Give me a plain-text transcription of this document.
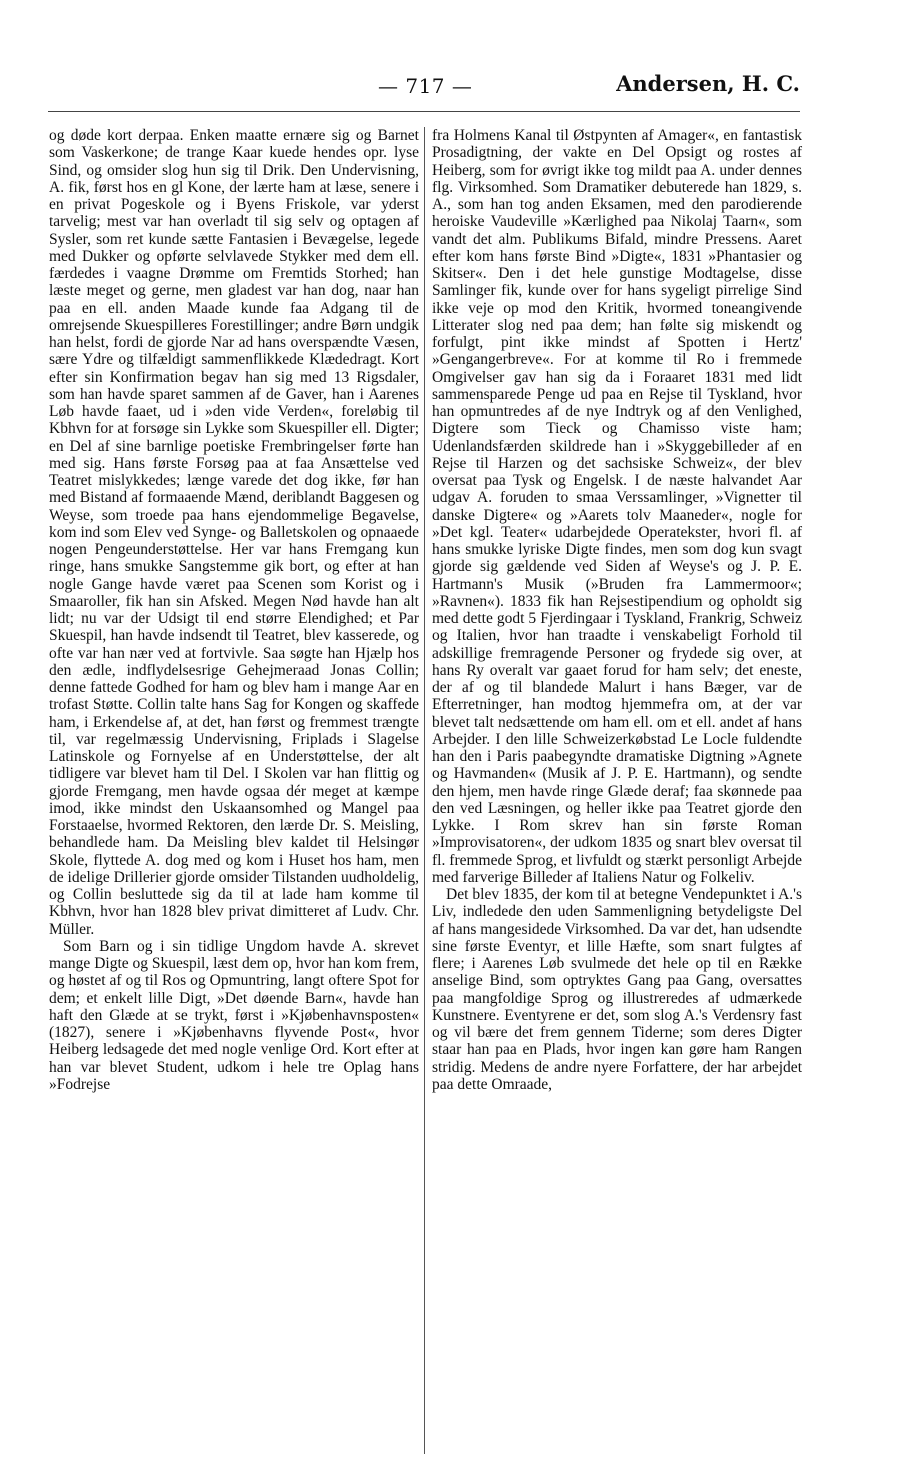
— 717 —	Andersen, H. C.

og døde kort derpaa. Enken maatte ernære sig og Barnet som Vaskerkone; de trange Kaar kuede hendes opr. lyse Sind, og omsider slog hun sig til Drik. Den Undervisning, A. fik, først hos en gl Kone, der lærte ham at læse, senere i en privat Pogeskole og i Byens Friskole, var yderst tarvelig; mest var han overladt til sig selv og optagen af Sysler, som ret kunde sætte Fantasien i Bevægelse, legede med Dukker og opførte selvlavede Stykker med dem ell. færdedes i vaagne Drømme om Fremtids Storhed; han læste meget og gerne, men gladest var han dog, naar han paa en ell. anden Maade kunde faa Adgang til de omrejsende Skuespilleres Forestillinger; andre Børn undgik han helst, fordi de gjorde Nar ad hans overspændte Væsen, sære Ydre og tilfældigt sammenflikkede Klædedragt. Kort efter sin Konfirmation begav han sig med 13 Rigsdaler, som han havde sparet sammen af de Gaver, han i Aarenes Løb havde faaet, ud i »den vide Verden«, foreløbig til Kbhvn for at forsøge sin Lykke som Skuespiller ell. Digter; en Del af sine barnlige poetiske Frembringelser førte han med sig. Hans første Forsøg paa at faa Ansættelse ved Teatret mislykkedes; længe varede det dog ikke, før han med Bistand af formaaende Mænd, deriblandt Baggesen og Weyse, som troede paa hans ejendommelige Begavelse, kom ind som Elev ved Synge- og Balletskolen og opnaaede nogen Pengeunderstøttelse. Her var hans Fremgang kun ringe, hans smukke Sangstemme gik bort, og efter at han nogle Gange havde været paa Scenen som Korist og i Smaaroller, fik han sin Afsked. Megen Nød havde han alt lidt; nu var der Udsigt til end større Elendighed; et Par Skuespil, han havde indsendt til Teatret, blev kasserede, og ofte var han nær ved at fortvivle. Saa søgte han Hjælp hos den ædle, indflydelsesrige Gehejmeraad Jonas Collin; denne fattede Godhed for ham og blev ham i mange Aar en trofast Støtte. Collin talte hans Sag for Kongen og skaffede ham, i Erkendelse af, at det, han først og fremmest trængte til, var regelmæssig Undervisning, Friplads i Slagelse Latinskole og Fornyelse af en Understøttelse, der alt tidligere var blevet ham til Del. I Skolen var han flittig og gjorde Fremgang, men havde ogsaa dér meget at kæmpe imod, ikke mindst den Uskaansomhed og Mangel paa Forstaaelse, hvormed Rektoren, den lærde Dr. S. Meisling, behandlede ham. Da Meisling blev kaldet til Helsingør Skole, flyttede A. dog med og kom i Huset hos ham, men de idelige Drillerier gjorde omsider Tilstanden uudholdelig, og Collin besluttede sig da til at lade ham komme til Kbhvn, hvor han 1828 blev privat dimitteret af Ludv. Chr. Müller.

Som Barn og i sin tidlige Ungdom havde A. skrevet mange Digte og Skuespil, læst dem op, hvor han kom frem, og høstet af og til Ros og Opmuntring, langt oftere Spot for dem; et enkelt lille Digt, »Det døende Barn«, havde han haft den Glæde at se trykt, først i »Kjøbenhavnsposten« (1827), senere i »Kjøbenhavns flyvende Post«, hvor Heiberg ledsagede det med nogle venlige Ord. Kort efter at han var blevet Student, udkom i hele tre Oplag hans »Fodrejse

fra Holmens Kanal til Østpynten af Amager«, en fantastisk Prosadigtning, der vakte en Del Opsigt og rostes af Heiberg, som for øvrigt ikke tog mildt paa A. under dennes flg. Virksomhed. Som Dramatiker debuterede han 1829, s. A., som han tog anden Eksamen, med den parodierende heroiske Vaudeville »Kærlighed paa Nikolaj Taarn«, som vandt det alm. Publikums Bifald, mindre Pressens. Aaret efter kom hans første Bind »Digte«, 1831 »Phantasier og Skitser«. Den i det hele gunstige Modtagelse, disse Samlinger fik, kunde over for hans sygeligt pirrelige Sind ikke veje op mod den Kritik, hvormed toneangivende Litterater slog ned paa dem; han følte sig miskendt og forfulgt, pint ikke mindst af Spotten i Hertz' »Gengangerbreve«. For at komme til Ro i fremmede Omgivelser gav han sig da i Foraaret 1831 med lidt sammensparede Penge ud paa en Rejse til Tyskland, hvor han opmuntredes af de nye Indtryk og af den Venlighed, Digtere som Tieck og Chamisso viste ham; Udenlandsfærden skildrede han i »Skyggebilleder af en Rejse til Harzen og det sachsiske Schweiz«, der blev oversat paa Tysk og Engelsk. I de næste halvandet Aar udgav A. foruden to smaa Verssamlinger, »Vignetter til danske Digtere« og »Aarets tolv Maaneder«, nogle for »Det kgl. Teater« udarbejdede Operatekster, hvori fl. af hans smukke lyriske Digte findes, men som dog kun svagt gjorde sig gældende ved Siden af Weyse's og J. P. E. Hartmann's Musik (»Bruden fra Lammermoor«; »Ravnen«). 1833 fik han Rejsestipendium og opholdt sig med dette godt 5 Fjerdingaar i Tyskland, Frankrig, Schweiz og Italien, hvor han traadte i venskabeligt Forhold til adskillige fremragende Personer og frydede sig over, at hans Ry overalt var gaaet forud for ham selv; det eneste, der af og til blandede Malurt i hans Bæger, var de Efterretninger, han modtog hjemmefra om, at der var blevet talt nedsættende om ham ell. om et ell. andet af hans Arbejder. I den lille Schweizerkøbstad Le Locle fuldendte han den i Paris paabegyndte dramatiske Digtning »Agnete og Havmanden« (Musik af J. P. E. Hartmann), og sendte den hjem, men havde ringe Glæde deraf; faa skønnede paa den ved Læsningen, og heller ikke paa Teatret gjorde den Lykke. I Rom skrev han sin første Roman »Improvisatoren«, der udkom 1835 og snart blev oversat til fl. fremmede Sprog, et livfuldt og stærkt personligt Arbejde med farverige Billeder af Italiens Natur og Folkeliv.

Det blev 1835, der kom til at betegne Vendepunktet i A.'s Liv, indledede den uden Sammenligning betydeligste Del af hans mangesidede Virksomhed. Da var det, han udsendte sine første Eventyr, et lille Hæfte, som snart fulgtes af flere; i Aarenes Løb svulmede det hele op til en Række anselige Bind, som optryktes Gang paa Gang, oversattes paa mangfoldige Sprog og illustreredes af udmærkede Kunstnere. Eventyrene er det, som slog A.'s Verdensry fast og vil bære det frem gennem Tiderne; som deres Digter staar han paa en Plads, hvor ingen kan gøre ham Rangen stridig. Medens de andre nyere Forfattere, der har arbejdet paa dette Omraade,
